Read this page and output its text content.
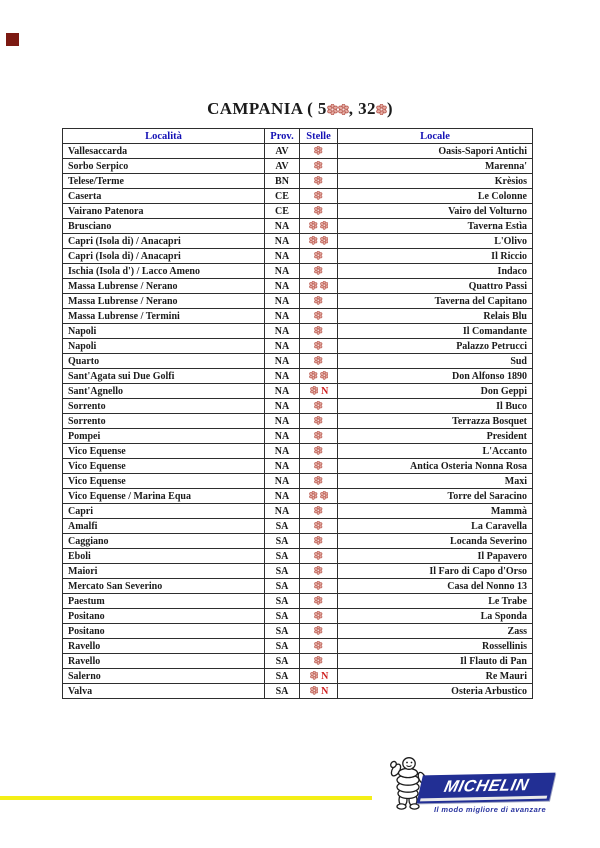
CAMPANIA ( 5 , 32 )
Località	Prov.	Stelle	Locale
Vallesaccarda	AV		Oasis-Sapori Antichi
Sorbo Serpico	AV		Marenna'
Telese/Terme	BN		Krèsios
Caserta	CE		Le Colonne
Vairano Patenora	CE		Vairo del Volturno
Brusciano	NA		Taverna Estìa
Capri (Isola di) / Anacapri	NA		L'Olivo
Capri (Isola di) / Anacapri	NA		Il Riccio
Ischia (Isola d') / Lacco Ameno	NA		Indaco
Massa Lubrense / Nerano	NA		Quattro Passi
Massa Lubrense / Nerano	NA		Taverna del Capitano
Massa Lubrense / Termini	NA		Relais Blu
Napoli	NA		Il Comandante
Napoli	NA		Palazzo Petrucci
Quarto	NA		Sud
Sant'Agata sui Due Golfi	NA		Don Alfonso 1890
Sant'Agnello	NA	N	Don Geppi
Sorrento	NA		Il Buco
Sorrento	NA		Terrazza Bosquet
Pompei	NA		President
Vico Equense	NA		L'Accanto
Vico Equense	NA		Antica Osteria Nonna Rosa
Vico Equense	NA		Maxi
Vico Equense / Marina Equa	NA		Torre del Saracino
Capri	NA		Mammà
Amalfi	SA		La Caravella
Caggiano	SA		Locanda Severino
Eboli	SA		Il Papavero
Maiori	SA		Il Faro di Capo d'Orso
Mercato San Severino	SA		Casa del Nonno 13
Paestum	SA		Le Trabe
Positano	SA		La Sponda
Positano	SA		Zass
Ravello	SA		Rossellinis
Ravello	SA		Il Flauto di Pan
Salerno	SA	N	Re Mauri
Valva	SA	N	Osteria Arbustico
MICHELIN
Il modo migliore di avanzare
